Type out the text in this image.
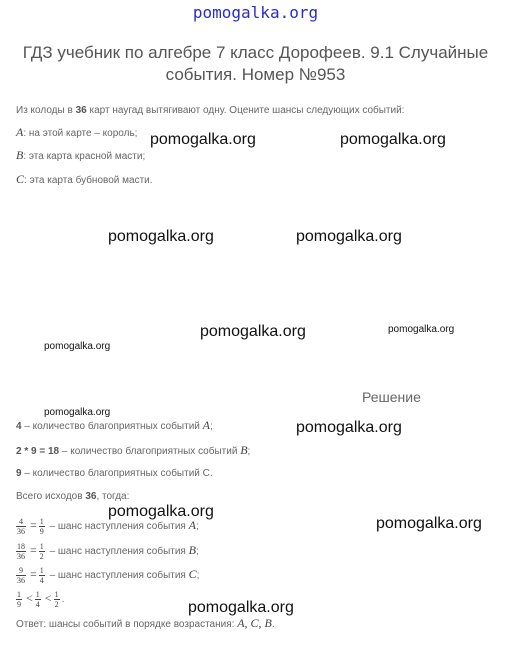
pomogalka.org
ГДЗ учебник по алгебре 7 класс Дорофеев. 9.1 Случайные события. Номер №953
Из колоды в 36 карт наугад вытягивают одну. Оцените шансы следующих событий:
A: на этой карте – король;
B: эта карта красной масти;
C: эта карта бубновой масти.
Решение
4 – количество благоприятных событий A;
2 * 9 = 18 – количество благоприятных событий B;
9 – количество благоприятных событий С.
Всего исходов 36, тогда:
$\frac{4}{36} = \frac{1}{9}$ – шанс наступления события A;
$\frac{18}{36} = \frac{1}{2}$ – шанс наступления события B;
$\frac{9}{36} = \frac{1}{4}$ – шанс наступления события C;
$\frac{1}{9} < \frac{1}{4} < \frac{1}{2}$ .
Ответ: шансы событий в порядке возрастания: A, C, B.
pomogalka.org	pomogalka.org
pomogalka.org	pomogalka.org
pomogalka.org	pomogalka.org
pomogalka.org
pomogalka.org
pomogalka.org
pomogalka.org
pomogalka.org
pomogalka.org
